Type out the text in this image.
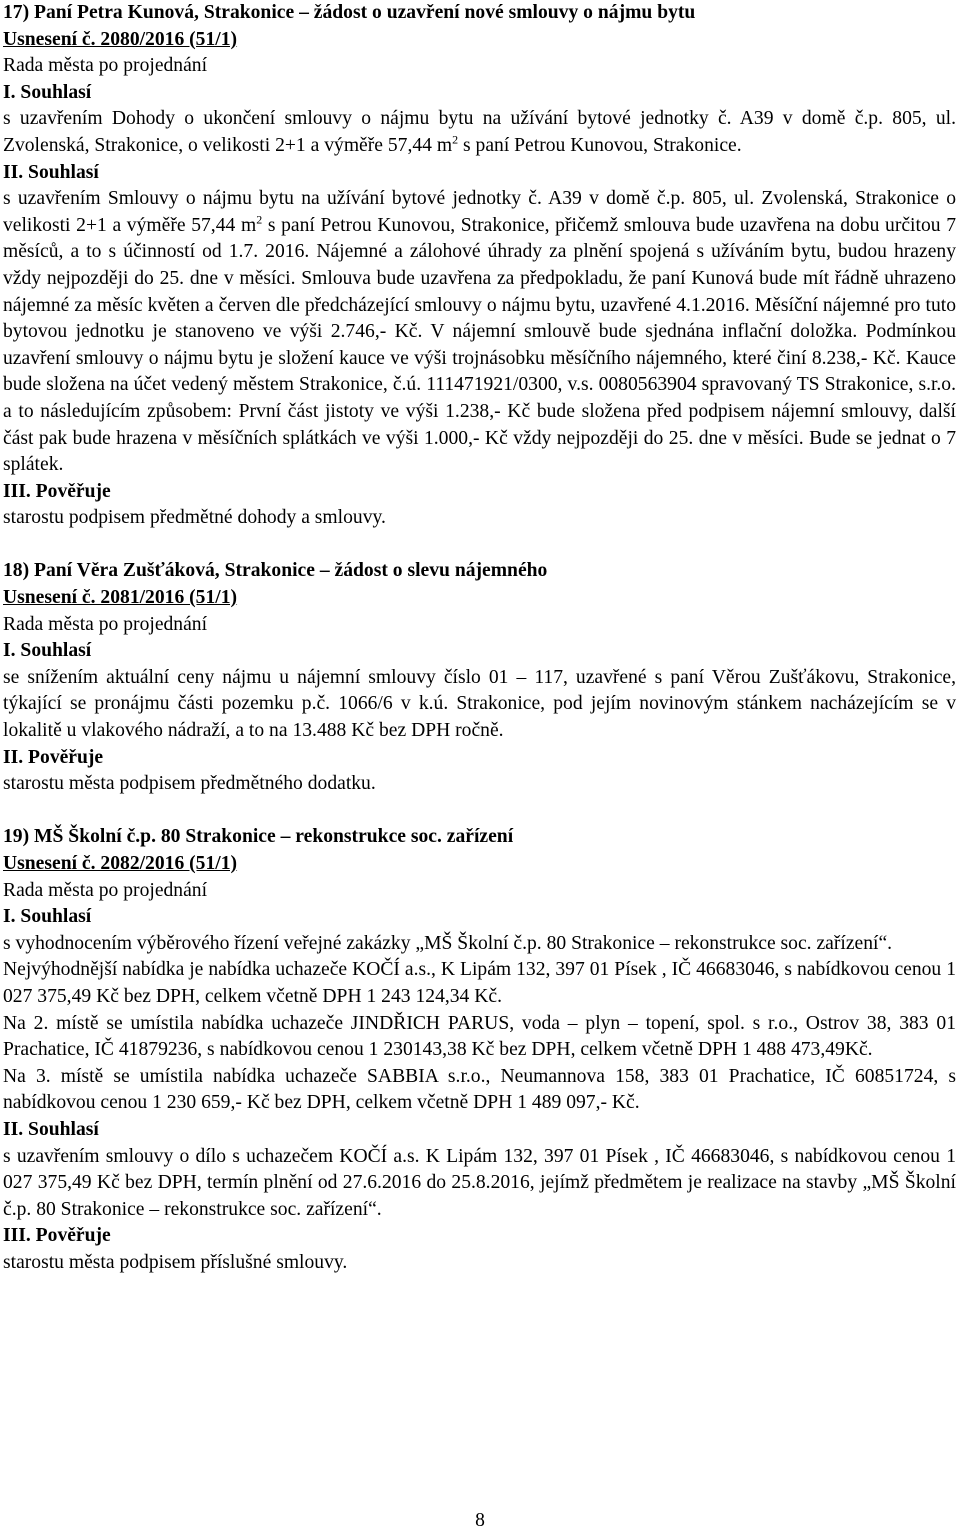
17) Paní Petra Kunová, Strakonice – žádost o uzavření nové smlouvy o nájmu bytu

Usnesení č. 2080/2016 (51/1)

Rada města po projednání

I. Souhlasí

s uzavřením Dohody o ukončení smlouvy o nájmu bytu na užívání bytové jednotky č. A39 v domě č.p. 805, ul. Zvolenská, Strakonice, o velikosti 2+1 a výměře 57,44 $m^2$ s paní Petrou Kunovou, Strakonice.

II. Souhlasí

s uzavřením Smlouvy o nájmu bytu na užívání bytové jednotky č. A39 v domě č.p. 805, ul. Zvolenská, Strakonice o velikosti 2+1 a výměře 57,44 $m^2$ s paní Petrou Kunovou, Strakonice, přičemž smlouva bude uzavřena na dobu určitou 7 měsíců, a to s účinností od 1.7. 2016. Nájemné a zálohové úhrady za plnění spojená s užíváním bytu, budou hrazeny vždy nejpozději do 25. dne v měsíci. Smlouva bude uzavřena za předpokladu, že paní Kunová bude mít řádně uhrazeno nájemné za měsíc květen a červen dle předcházející smlouvy o nájmu bytu, uzavřené 4.1.2016. Měsíční nájemné pro tuto bytovou jednotku je stanoveno ve výši 2.746,- Kč. V nájemní smlouvě bude sjednána inflační doložka. Podmínkou uzavření smlouvy o nájmu bytu je složení kauce ve výši trojnásobku měsíčního nájemného, které činí 8.238,- Kč. Kauce bude složena na účet vedený městem Strakonice, č.ú. 111471921/0300, v.s. 0080563904 spravovaný TS Strakonice, s.r.o. a to následujícím způsobem: První část jistoty ve výši 1.238,- Kč bude složena před podpisem nájemní smlouvy, další část pak bude hrazena v měsíčních splátkách ve výši 1.000,- Kč vždy nejpozději do 25. dne v měsíci. Bude se jednat o 7 splátek.

III. Pověřuje

starostu podpisem předmětné dohody a smlouvy.

18) Paní Věra Zušťáková, Strakonice – žádost o slevu nájemného

Usnesení č. 2081/2016 (51/1)

Rada města po projednání

I. Souhlasí

se snížením aktuální ceny nájmu u nájemní smlouvy číslo 01 – 117, uzavřené s paní Věrou Zušťákovu, Strakonice, týkající se pronájmu části pozemku p.č. 1066/6 v k.ú. Strakonice, pod jejím novinovým stánkem nacházejícím se v lokalitě u vlakového nádraží, a to na 13.488 Kč bez DPH ročně.

II. Pověřuje

starostu města podpisem předmětného dodatku.

19) MŠ Školní č.p. 80 Strakonice – rekonstrukce soc. zařízení

Usnesení č. 2082/2016 (51/1)

Rada města po projednání

I. Souhlasí

s vyhodnocením výběrového řízení veřejné zakázky „MŠ Školní č.p. 80 Strakonice – rekonstrukce soc. zařízení“.

Nejvýhodnější nabídka je nabídka uchazeče KOČÍ a.s., K Lipám 132, 397 01 Písek , IČ 46683046, s nabídkovou cenou 1 027 375,49 Kč bez DPH, celkem včetně DPH 1 243 124,34 Kč.

Na 2. místě se umístila nabídka uchazeče JINDŘICH PARUS, voda – plyn – topení, spol. s r.o., Ostrov 38, 383 01 Prachatice, IČ 41879236, s nabídkovou cenou 1 230143,38 Kč bez DPH, celkem včetně DPH 1 488 473,49Kč.

Na 3. místě se umístila nabídka uchazeče SABBIA s.r.o., Neumannova 158, 383 01 Prachatice, IČ 60851724, s nabídkovou cenou 1 230 659,- Kč bez DPH, celkem včetně DPH 1 489 097,- Kč.

II. Souhlasí

s uzavřením smlouvy o dílo s uchazečem KOČÍ a.s. K Lipám 132, 397 01 Písek , IČ 46683046, s nabídkovou cenou 1 027 375,49 Kč bez DPH, termín plnění od 27.6.2016 do 25.8.2016, jejímž předmětem je realizace na stavby „MŠ Školní č.p. 80 Strakonice – rekonstrukce soc. zařízení“.

III. Pověřuje

starostu města podpisem příslušné smlouvy.

8
